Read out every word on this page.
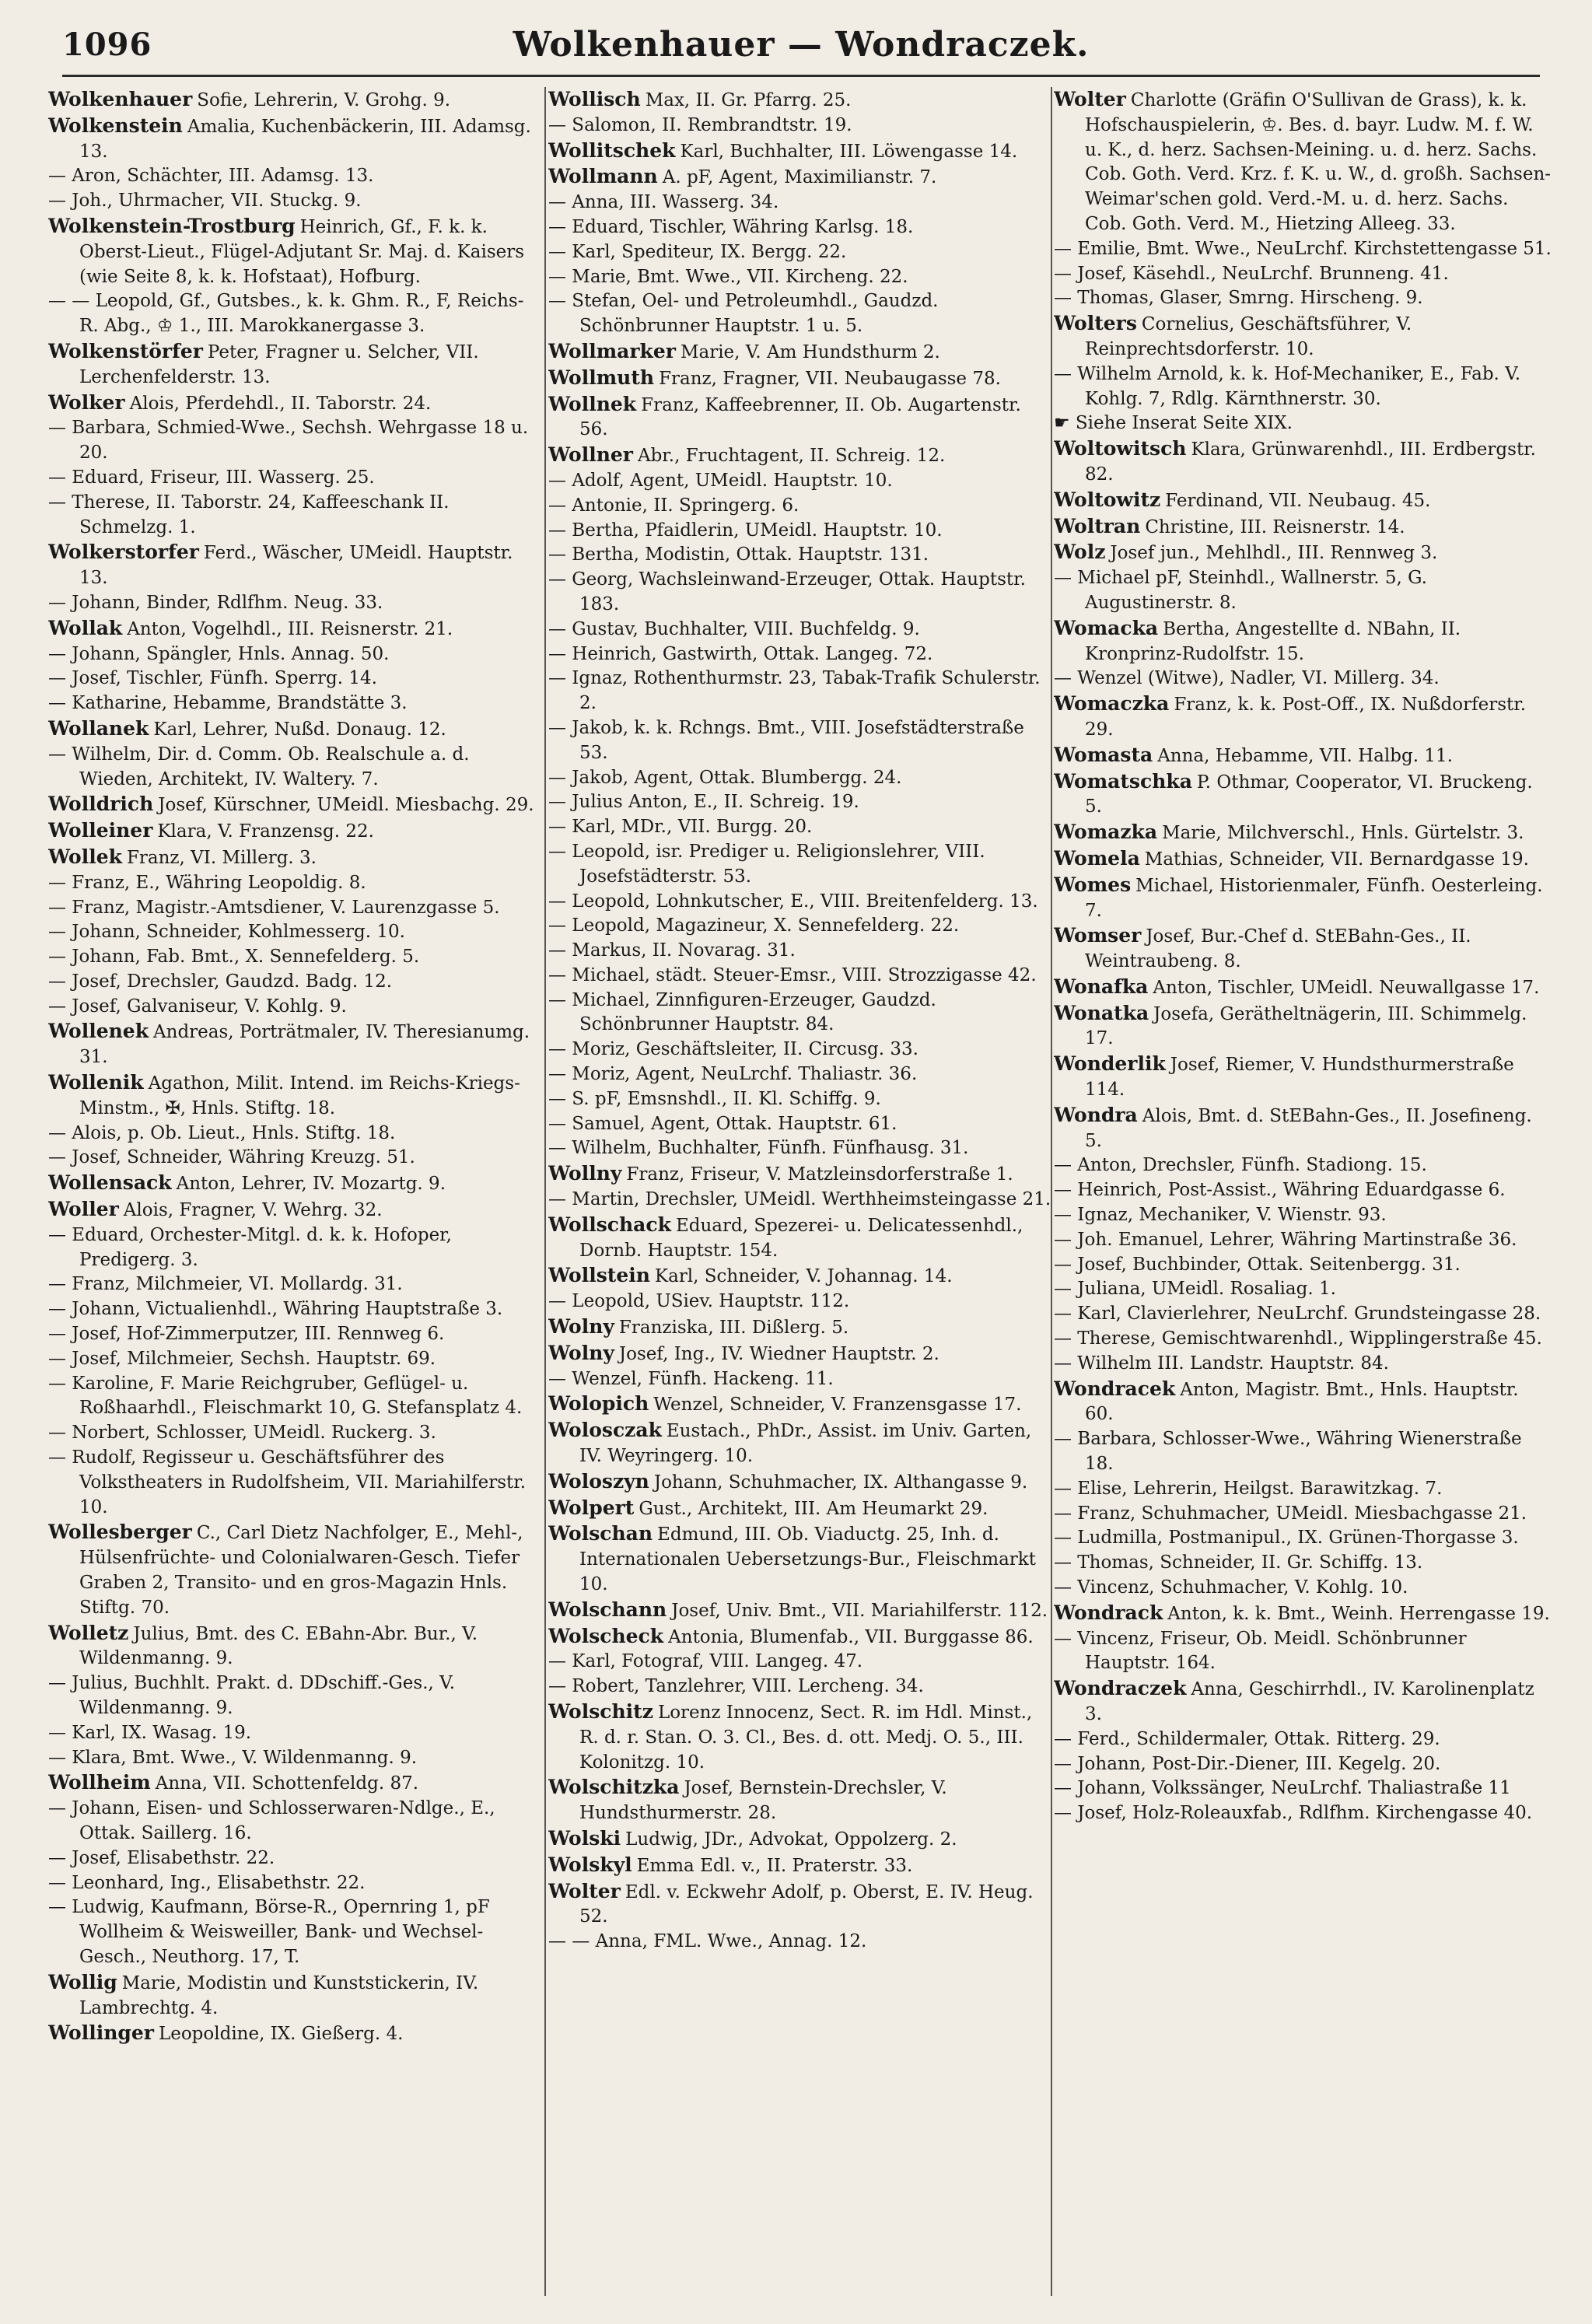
1096	Wolkenhauer — Wondraczek.

Wolkenhauer Sofie, Lehrerin, V. Grohg. 9.

Wolkenstein Amalia, Kuchenbäckerin, III. Adamsg. 13.

— Aron, Schächter, III. Adamsg. 13.

— Joh., Uhrmacher, VII. Stuckg. 9.

Wolkenstein-Trostburg Heinrich, Gf., F. k. k. Oberst-Lieut., Flügel-Adjutant Sr. Maj. d. Kaisers (wie Seite 8, k. k. Hofstaat), Hofburg.

— — Leopold, Gf., Gutsbes., k. k. Ghm. R., F, Reichs-R. Abg., ♔ 1., III. Marokkanergasse 3.

Wolkenstörfer Peter, Fragner u. Selcher, VII. Lerchenfelderstr. 13.

Wolker Alois, Pferdehdl., II. Taborstr. 24.

— Barbara, Schmied-Wwe., Sechsh. Wehrgasse 18 u. 20.

— Eduard, Friseur, III. Wasserg. 25.

— Therese, II. Taborstr. 24, Kaffeeschank II. Schmelzg. 1.

Wolkerstorfer Ferd., Wäscher, UMeidl. Hauptstr. 13.

— Johann, Binder, Rdlfhm. Neug. 33.

Wollak Anton, Vogelhdl., III. Reisnerstr. 21.

— Johann, Spängler, Hnls. Annag. 50.

— Josef, Tischler, Fünfh. Sperrg. 14.

— Katharine, Hebamme, Brandstätte 3.

Wollanek Karl, Lehrer, Nußd. Donaug. 12.

— Wilhelm, Dir. d. Comm. Ob. Realschule a. d. Wieden, Architekt, IV. Waltery. 7.

Wolldrich Josef, Kürschner, UMeidl. Miesbachg. 29.

Wolleiner Klara, V. Franzensg. 22.

Wollek Franz, VI. Millerg. 3.

— Franz, E., Währing Leopoldig. 8.

— Franz, Magistr.-Amtsdiener, V. Laurenzgasse 5.

— Johann, Schneider, Kohlmesserg. 10.

— Johann, Fab. Bmt., X. Sennefelderg. 5.

— Josef, Drechsler, Gaudzd. Badg. 12.

— Josef, Galvaniseur, V. Kohlg. 9.

Wollenek Andreas, Porträtmaler, IV. Theresianumg. 31.

Wollenik Agathon, Milit. Intend. im Reichs-Kriegs-Minstm., ✠, Hnls. Stiftg. 18.

— Alois, p. Ob. Lieut., Hnls. Stiftg. 18.

— Josef, Schneider, Währing Kreuzg. 51.

Wollensack Anton, Lehrer, IV. Mozartg. 9.

Woller Alois, Fragner, V. Wehrg. 32.

— Eduard, Orchester-Mitgl. d. k. k. Hofoper, Predigerg. 3.

— Franz, Milchmeier, VI. Mollardg. 31.

— Johann, Victualienhdl., Währing Hauptstraße 3.

— Josef, Hof-Zimmerputzer, III. Rennweg 6.

— Josef, Milchmeier, Sechsh. Hauptstr. 69.

— Karoline, F. Marie Reichgruber, Geflügel- u. Roßhaarhdl., Fleischmarkt 10, G. Stefansplatz 4.

— Norbert, Schlosser, UMeidl. Ruckerg. 3.

— Rudolf, Regisseur u. Geschäftsführer des Volkstheaters in Rudolfsheim, VII. Mariahilferstr. 10.

Wollesberger C., Carl Dietz Nachfolger, E., Mehl-, Hülsenfrüchte- und Colonialwaren-Gesch. Tiefer Graben 2, Transito- und en gros-Magazin Hnls. Stiftg. 70.

Wolletz Julius, Bmt. des C. EBahn-Abr. Bur., V. Wildenmanng. 9.

— Julius, Buchhlt. Prakt. d. DDschiff.-Ges., V. Wildenmanng. 9.

— Karl, IX. Wasag. 19.

— Klara, Bmt. Wwe., V. Wildenmanng. 9.

Wollheim Anna, VII. Schottenfeldg. 87.

— Johann, Eisen- und Schlosserwaren-Ndlge., E., Ottak. Saillerg. 16.

— Josef, Elisabethstr. 22.

— Leonhard, Ing., Elisabethstr. 22.

— Ludwig, Kaufmann, Börse-R., Opernring 1, pF Wollheim & Weisweiller, Bank- und Wechsel-Gesch., Neuthorg. 17, T.

Wollig Marie, Modistin und Kunststickerin, IV. Lambrechtg. 4.

Wollinger Leopoldine, IX. Gießerg. 4.

Wollisch Max, II. Gr. Pfarrg. 25.

— Salomon, II. Rembrandtstr. 19.

Wollitschek Karl, Buchhalter, III. Löwengasse 14.

Wollmann A. pF, Agent, Maximilianstr. 7.

— Anna, III. Wasserg. 34.

— Eduard, Tischler, Währing Karlsg. 18.

— Karl, Spediteur, IX. Bergg. 22.

— Marie, Bmt. Wwe., VII. Kircheng. 22.

— Stefan, Oel- und Petroleumhdl., Gaudzd. Schönbrunner Hauptstr. 1 u. 5.

Wollmarker Marie, V. Am Hundsthurm 2.

Wollmuth Franz, Fragner, VII. Neubaugasse 78.

Wollnek Franz, Kaffeebrenner, II. Ob. Augartenstr. 56.

Wollner Abr., Fruchtagent, II. Schreig. 12.

— Adolf, Agent, UMeidl. Hauptstr. 10.

— Antonie, II. Springerg. 6.

— Bertha, Pfaidlerin, UMeidl. Hauptstr. 10.

— Bertha, Modistin, Ottak. Hauptstr. 131.

— Georg, Wachsleinwand-Erzeuger, Ottak. Hauptstr. 183.

— Gustav, Buchhalter, VIII. Buchfeldg. 9.

— Heinrich, Gastwirth, Ottak. Langeg. 72.

— Ignaz, Rothenthurmstr. 23, Tabak-Trafik Schulerstr. 2.

— Jakob, k. k. Rchngs. Bmt., VIII. Josefstädterstraße 53.

— Jakob, Agent, Ottak. Blumbergg. 24.

— Julius Anton, E., II. Schreig. 19.

— Karl, MDr., VII. Burgg. 20.

— Leopold, isr. Prediger u. Religionslehrer, VIII. Josefstädterstr. 53.

— Leopold, Lohnkutscher, E., VIII. Breitenfelderg. 13.

— Leopold, Magazineur, X. Sennefelderg. 22.

— Markus, II. Novarag. 31.

— Michael, städt. Steuer-Emsr., VIII. Strozzigasse 42.

— Michael, Zinnfiguren-Erzeuger, Gaudzd. Schönbrunner Hauptstr. 84.

— Moriz, Geschäftsleiter, II. Circusg. 33.

— Moriz, Agent, NeuLrchf. Thaliastr. 36.

— S. pF, Emsnshdl., II. Kl. Schiffg. 9.

— Samuel, Agent, Ottak. Hauptstr. 61.

— Wilhelm, Buchhalter, Fünfh. Fünfhausg. 31.

Wollny Franz, Friseur, V. Matzleinsdorferstraße 1.

— Martin, Drechsler, UMeidl. Werthheimsteingasse 21.

Wollschack Eduard, Spezerei- u. Delicatessenhdl., Dornb. Hauptstr. 154.

Wollstein Karl, Schneider, V. Johannag. 14.

— Leopold, USiev. Hauptstr. 112.

Wolny Franziska, III. Dißlerg. 5.

Wolny Josef, Ing., IV. Wiedner Hauptstr. 2.

— Wenzel, Fünfh. Hackeng. 11.

Wolopich Wenzel, Schneider, V. Franzensgasse 17.

Wolosczak Eustach., PhDr., Assist. im Univ. Garten, IV. Weyringerg. 10.

Woloszyn Johann, Schuhmacher, IX. Althangasse 9.

Wolpert Gust., Architekt, III. Am Heumarkt 29.

Wolschan Edmund, III. Ob. Viaductg. 25, Inh. d. Internationalen Uebersetzungs-Bur., Fleischmarkt 10.

Wolschann Josef, Univ. Bmt., VII. Mariahilferstr. 112.

Wolscheck Antonia, Blumenfab., VII. Burggasse 86.

— Karl, Fotograf, VIII. Langeg. 47.

— Robert, Tanzlehrer, VIII. Lercheng. 34.

Wolschitz Lorenz Innocenz, Sect. R. im Hdl. Minst., R. d. r. Stan. O. 3. Cl., Bes. d. ott. Medj. O. 5., III. Kolonitzg. 10.

Wolschitzka Josef, Bernstein-Drechsler, V. Hundsthurmerstr. 28.

Wolski Ludwig, JDr., Advokat, Oppolzerg. 2.

Wolskyl Emma Edl. v., II. Praterstr. 33.

Wolter Edl. v. Eckwehr Adolf, p. Oberst, E. IV. Heug. 52.

— — Anna, FML. Wwe., Annag. 12.

Wolter Charlotte (Gräfin O'Sullivan de Grass), k. k. Hofschauspielerin, ♔. Bes. d. bayr. Ludw. M. f. W. u. K., d. herz. Sachsen-Meining. u. d. herz. Sachs. Cob. Goth. Verd. Krz. f. K. u. W., d. großh. Sachsen-Weimar'schen gold. Verd.-M. u. d. herz. Sachs. Cob. Goth. Verd. M., Hietzing Alleeg. 33.

— Emilie, Bmt. Wwe., NeuLrchf. Kirchstettengasse 51.

— Josef, Käsehdl., NeuLrchf. Brunneng. 41.

— Thomas, Glaser, Smrng. Hirscheng. 9.

Wolters Cornelius, Geschäftsführer, V. Reinprechtsdorferstr. 10.

— Wilhelm Arnold, k. k. Hof-Mechaniker, E., Fab. V. Kohlg. 7, Rdlg. Kärnthnerstr. 30.

☛ Siehe Inserat Seite XIX.

Woltowitsch Klara, Grünwarenhdl., III. Erdbergstr. 82.

Woltowitz Ferdinand, VII. Neubaug. 45.

Woltran Christine, III. Reisnerstr. 14.

Wolz Josef jun., Mehlhdl., III. Rennweg 3.

— Michael pF, Steinhdl., Wallnerstr. 5, G. Augustinerstr. 8.

Womacka Bertha, Angestellte d. NBahn, II. Kronprinz-Rudolfstr. 15.

— Wenzel (Witwe), Nadler, VI. Millerg. 34.

Womaczka Franz, k. k. Post-Off., IX. Nußdorferstr. 29.

Womasta Anna, Hebamme, VII. Halbg. 11.

Womatschka P. Othmar, Cooperator, VI. Bruckeng. 5.

Womazka Marie, Milchverschl., Hnls. Gürtelstr. 3.

Womela Mathias, Schneider, VII. Bernardgasse 19.

Womes Michael, Historienmaler, Fünfh. Oesterleing. 7.

Womser Josef, Bur.-Chef d. StEBahn-Ges., II. Weintraubeng. 8.

Wonafka Anton, Tischler, UMeidl. Neuwallgasse 17.

Wonatka Josefa, Gerätheltnägerin, III. Schimmelg. 17.

Wonderlik Josef, Riemer, V. Hundsthurmerstraße 114.

Wondra Alois, Bmt. d. StEBahn-Ges., II. Josefineng. 5.

— Anton, Drechsler, Fünfh. Stadiong. 15.

— Heinrich, Post-Assist., Währing Eduardgasse 6.

— Ignaz, Mechaniker, V. Wienstr. 93.

— Joh. Emanuel, Lehrer, Währing Martinstraße 36.

— Josef, Buchbinder, Ottak. Seitenbergg. 31.

— Juliana, UMeidl. Rosaliag. 1.

— Karl, Clavierlehrer, NeuLrchf. Grundsteingasse 28.

— Therese, Gemischtwarenhdl., Wipplingerstraße 45.

— Wilhelm III. Landstr. Hauptstr. 84.

Wondracek Anton, Magistr. Bmt., Hnls. Hauptstr. 60.

— Barbara, Schlosser-Wwe., Währing Wienerstraße 18.

— Elise, Lehrerin, Heilgst. Barawitzkag. 7.

— Franz, Schuhmacher, UMeidl. Miesbachgasse 21.

— Ludmilla, Postmanipul., IX. Grünen-Thorgasse 3.

— Thomas, Schneider, II. Gr. Schiffg. 13.

— Vincenz, Schuhmacher, V. Kohlg. 10.

Wondrack Anton, k. k. Bmt., Weinh. Herrengasse 19.

— Vincenz, Friseur, Ob. Meidl. Schönbrunner Hauptstr. 164.

Wondraczek Anna, Geschirrhdl., IV. Karolinenplatz 3.

— Ferd., Schildermaler, Ottak. Ritterg. 29.

— Johann, Post-Dir.-Diener, III. Kegelg. 20.

— Johann, Volkssänger, NeuLrchf. Thaliastraße 11

— Josef, Holz-Roleauxfab., Rdlfhm. Kirchengasse 40.
